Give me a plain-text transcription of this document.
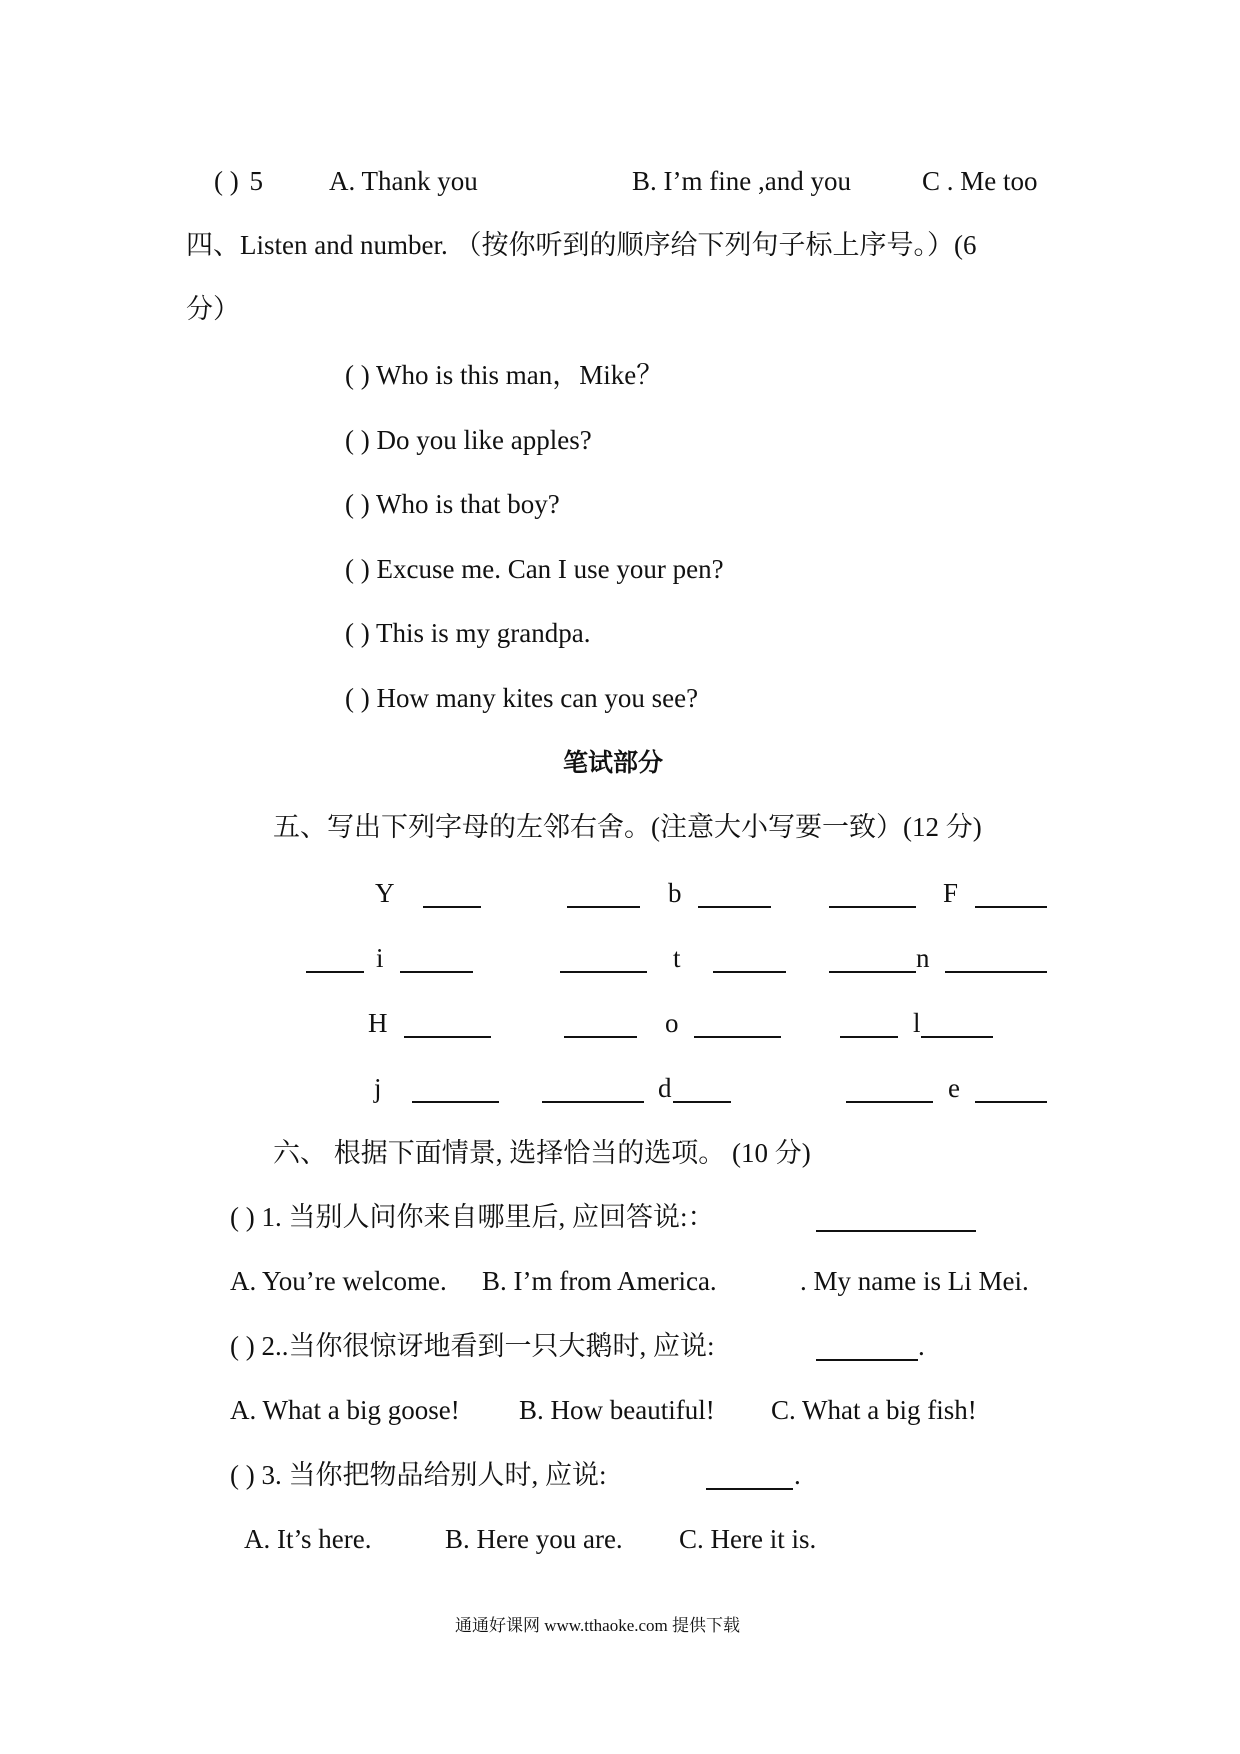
( ) 5 A. Thank you	B. I’m fine ,and you	C . Me too
四、Listen and number. （按你听到的顺序给下列句子标上序号。）(6
分）
( ) Who is this man，Mike？
( ) Do you like apples?
( ) Who is that boy?
( ) Excuse me. Can I use your pen?
( ) This is my grandpa.
( ) How many kites can you see?
笔试部分
五、写出下列字母的左邻右舍。(注意大小写要一致）(12 分)
Y	b	F
i	t	n
H	o	l
j	d	e
六、 根据下面情景, 选择恰当的选项。 (10 分)
( ) 1. 当别人问你来自哪里后, 应回答说:：
A. You’re welcome. B. I’m from America.	. My name is Li Mei.
( ) 2..当你很惊讶地看到一只大鹅时, 应说:	.
A. What a big goose! B. How beautiful! C. What a big fish!
( ) 3. 当你把物品给别人时, 应说:	.
A. It’s here.	B. Here you are. C. Here it is.
通通好课网 www.tthaoke.com 提供下载
